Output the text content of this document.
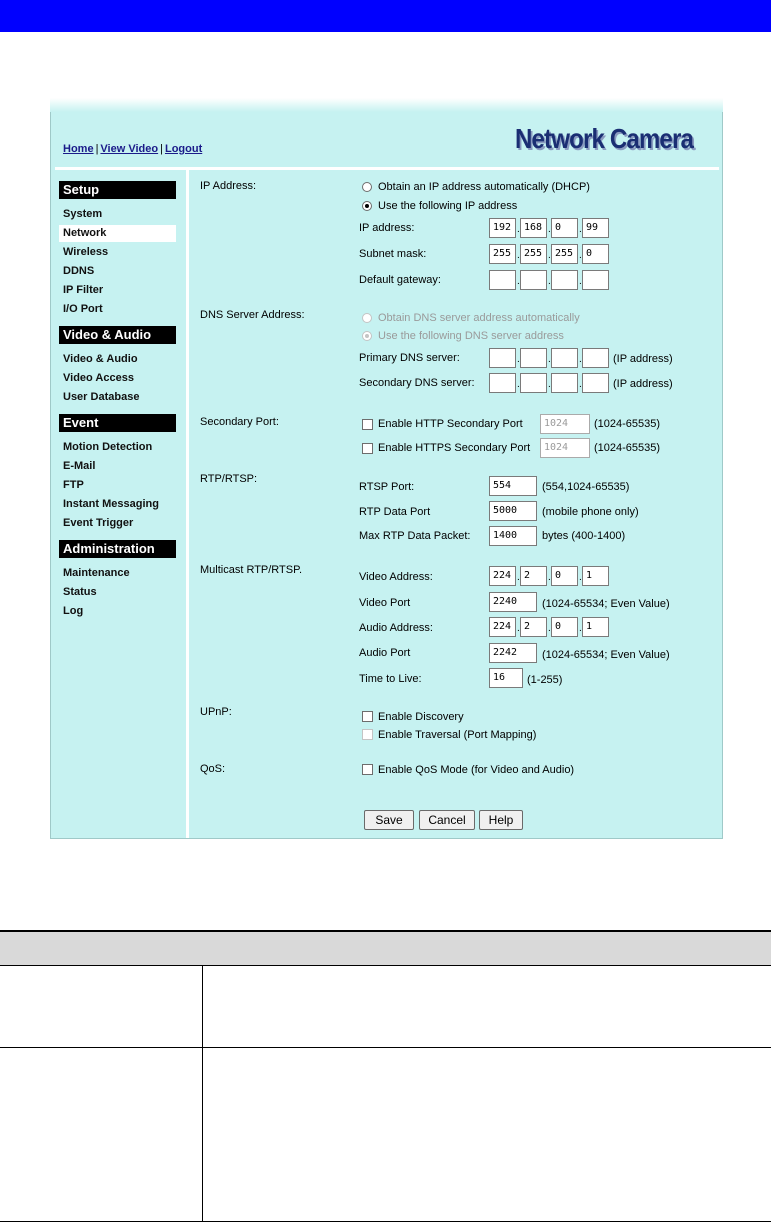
Home | View Video | Logout	Network Camera
Setup
System
Network
Wireless
DDNS
IP Filter
I/O Port
Video & Audio
Video & Audio
Video Access
User Database
Event
Motion Detection
E-Mail
FTP
Instant Messaging
Event Trigger
Administration
Maintenance
Status
Log
IP Address:	Obtain an IP address automatically (DHCP)
Use the following IP address
IP address:	192 . 168 . 0	. 99
Subnet mask:	255 . 255 . 255 . 0
Default gateway:	.	.	.
DNS Server Address:	Obtain DNS server address automatically
Use the following DNS server address
Primary DNS server:	.	.	.	(IP address)
Secondary DNS server:	.	.	.	(IP address)
Secondary Port:	Enable HTTP Secondary Port	1024	(1024-65535)
Enable HTTPS Secondary Port	1024	(1024-65535)
RTP/RTSP:
RTSP Port:	554	(554,1024-65535)
RTP Data Port	5000	(mobile phone only)
Max RTP Data Packet:	1400	bytes (400-1400)
Multicast RTP/RTSP.
Video Address:	224 . 2	. 0	. 1
Video Port	2240	(1024-65534; Even Value)
Audio Address:	224 . 2	. 0	. 1
Audio Port	2242	(1024-65534; Even Value)
Time to Live:	16	(1-255)
UPnP:	Enable Discovery
Enable Traversal (Port Mapping)
QoS:	Enable QoS Mode (for Video and Audio)
Save	Cancel	Help
